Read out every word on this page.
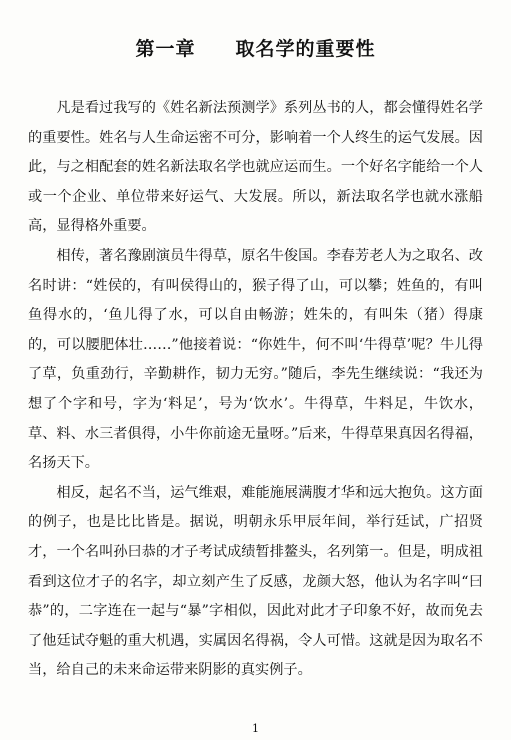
第一章 取名学的重要性

凡是看过我写的《姓名新法预测学》系列丛书的人，都会懂得姓名学的重要性。姓名与人生命运密不可分，影响着一个人终生的运气发展。因此，与之相配套的姓名新法取名学也就应运而生。一个好名字能给一个人或一个企业、单位带来好运气、大发展。所以，新法取名学也就水涨船高，显得格外重要。

相传，著名豫剧演员牛得草，原名牛俊国。李春芳老人为之取名、改名时讲：“姓侯的，有叫侯得山的，猴子得了山，可以攀；姓鱼的，有叫鱼得水的，‘鱼儿得了水，可以自由畅游；姓朱的，有叫朱（猪）得康的，可以腰肥体壮……”他接着说：“你姓牛，何不叫‘牛得草’呢？牛儿得了草，负重劲行，辛勤耕作，韧力无穷。”随后，李先生继续说：“我还为想了个字和号，字为‘料足’，号为‘饮水’。牛得草，牛料足，牛饮水，草、料、水三者俱得，小牛你前途无量呀。”后来，牛得草果真因名得福，名扬天下。

相反，起名不当，运气维艰，难能施展满腹才华和远大抱负。这方面的例子，也是比比皆是。据说，明朝永乐甲辰年间，举行廷试，广招贤才，一个名叫孙曰恭的才子考试成绩暂排鳌头，名列第一。但是，明成祖看到这位才子的名字，却立刻产生了反感，龙颜大怒，他认为名字叫“曰恭”的，二字连在一起与“暴”字相似，因此对此才子印象不好，故而免去了他廷试夺魁的重大机遇，实属因名得祸，令人可惜。这就是因为取名不当，给自己的未来命运带来阴影的真实例子。

1
